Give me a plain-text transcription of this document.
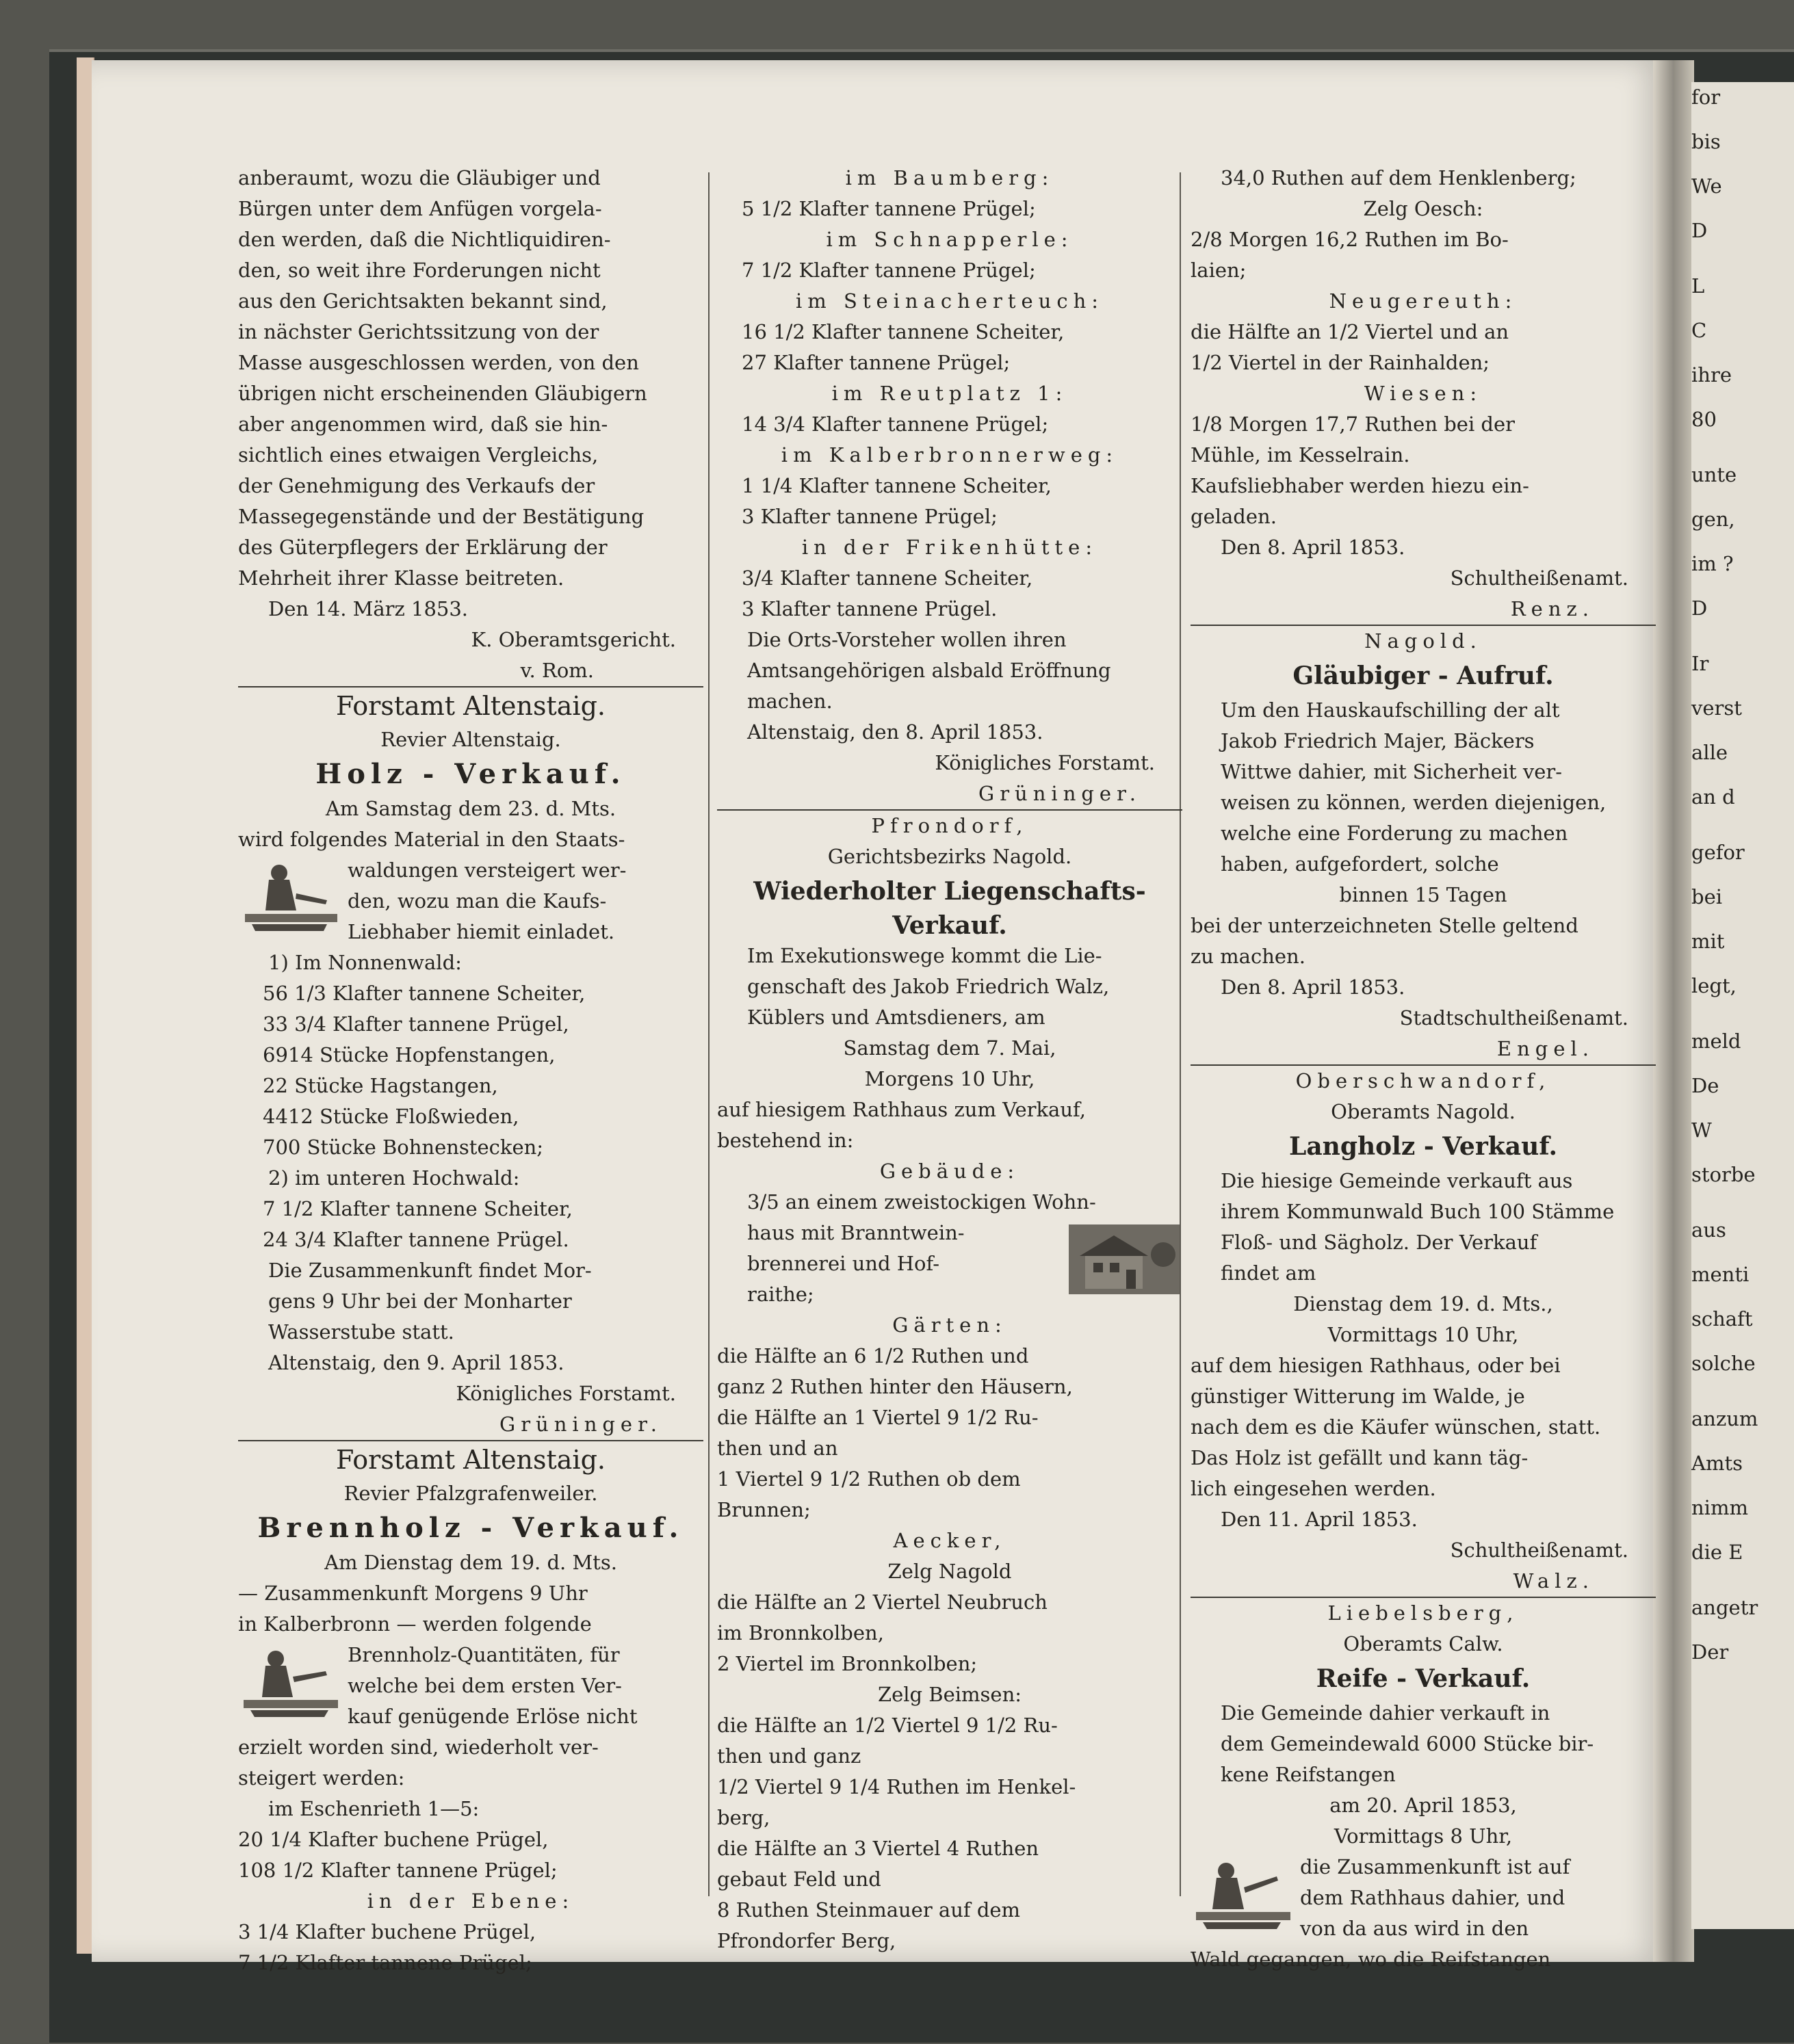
for
bis
We
D
L
C
ihre
80
unte
gen,
im ?
D
Ir
verst
alle
an d
gefor
bei
mit
legt,
meld
De
W
storbe
aus
menti
schaft
solche
anzum
Amts
nimm
die E
angetr
Der
anberaumt, wozu die Gläubiger und
Bürgen unter dem Anfügen vorgela-
den werden, daß die Nichtliquidiren-
den, so weit ihre Forderungen nicht
aus den Gerichtsakten bekannt sind,
in nächster Gerichtssitzung von der
Masse ausgeschlossen werden, von den
übrigen nicht erscheinenden Gläubigern
aber angenommen wird, daß sie hin-
sichtlich eines etwaigen Vergleichs,
der Genehmigung des Verkaufs der
Massegegenstände und der Bestätigung
des Güterpflegers der Erklärung der
Mehrheit ihrer Klasse beitreten.
Den 14. März 1853.
K. Oberamtsgericht.
v. Rom.
Forstamt Altenstaig.
Revier Altenstaig.
Holz - Verkauf.
Am Samstag dem 23. d. Mts.
wird folgendes Material in den Staats-
waldungen versteigert wer-
den, wozu man die Kaufs-
Liebhaber hiemit einladet.
1) Im Nonnenwald:
56 1/3 Klafter tannene Scheiter,
33 3/4 Klafter tannene Prügel,
6914 Stücke Hopfenstangen,
22 Stücke Hagstangen,
4412 Stücke Floßwieden,
700 Stücke Bohnenstecken;
2) im unteren Hochwald:
7 1/2 Klafter tannene Scheiter,
24 3/4 Klafter tannene Prügel.
Die Zusammenkunft findet Mor-
gens 9 Uhr bei der Monharter
Wasserstube statt.
Altenstaig, den 9. April 1853.
Königliches Forstamt.
Grüninger.
Forstamt Altenstaig.
Revier Pfalzgrafenweiler.
Brennholz - Verkauf.
Am Dienstag dem 19. d. Mts.
— Zusammenkunft Morgens 9 Uhr
in Kalberbronn — werden folgende
Brennholz-Quantitäten, für
welche bei dem ersten Ver-
kauf genügende Erlöse nicht
erzielt worden sind, wiederholt ver-
steigert werden:
im Eschenrieth 1—5:
20 1/4 Klafter buchene Prügel,
108 1/2 Klafter tannene Prügel;
in der Ebene:
3 1/4 Klafter buchene Prügel,
7 1/2 Klafter tannene Prügel;
im Baumberg:
5 1/2 Klafter tannene Prügel;
im Schnapperle:
7 1/2 Klafter tannene Prügel;
im Steinacherteuch:
16 1/2 Klafter tannene Scheiter,
27 Klafter tannene Prügel;
im Reutplatz 1:
14 3/4 Klafter tannene Prügel;
im Kalberbronnerweg:
1 1/4 Klafter tannene Scheiter,
3 Klafter tannene Prügel;
in der Frikenhütte:
3/4 Klafter tannene Scheiter,
3 Klafter tannene Prügel.
Die Orts-Vorsteher wollen ihren
Amtsangehörigen alsbald Eröffnung
machen.
Altenstaig, den 8. April 1853.
Königliches Forstamt.
Grüninger.
Pfrondorf,
Gerichtsbezirks Nagold.
Wiederholter Liegenschafts-
Verkauf.
Im Exekutionswege kommt die Lie-
genschaft des Jakob Friedrich Walz,
Küblers und Amtsdieners, am
Samstag dem 7. Mai,
Morgens 10 Uhr,
auf hiesigem Rathhaus zum Verkauf,
bestehend in:
Gebäude:
3/5 an einem zweistockigen Wohn-
haus mit Branntwein-
brennerei und Hof-
raithe;
Gärten:
die Hälfte an 6 1/2 Ruthen und
ganz 2 Ruthen hinter den Häusern,
die Hälfte an 1 Viertel 9 1/2 Ru-
then und an
1 Viertel 9 1/2 Ruthen ob dem
Brunnen;
Aecker,
Zelg Nagold
die Hälfte an 2 Viertel Neubruch
im Bronnkolben,
2 Viertel im Bronnkolben;
Zelg Beimsen:
die Hälfte an 1/2 Viertel 9 1/2 Ru-
then und ganz
1/2 Viertel 9 1/4 Ruthen im Henkel-
berg,
die Hälfte an 3 Viertel 4 Ruthen
gebaut Feld und
8 Ruthen Steinmauer auf dem
Pfrondorfer Berg,
34,0 Ruthen auf dem Henklenberg;
Zelg Oesch:
2/8 Morgen 16,2 Ruthen im Bo-
laien;
Neugereuth:
die Hälfte an 1/2 Viertel und an
1/2 Viertel in der Rainhalden;
Wiesen:
1/8 Morgen 17,7 Ruthen bei der
Mühle, im Kesselrain.
Kaufsliebhaber werden hiezu ein-
geladen.
Den 8. April 1853.
Schultheißenamt.
Renz.
Nagold.
Gläubiger - Aufruf.
Um den Hauskaufschilling der alt
Jakob Friedrich Majer, Bäckers
Wittwe dahier, mit Sicherheit ver-
weisen zu können, werden diejenigen,
welche eine Forderung zu machen
haben, aufgefordert, solche
binnen 15 Tagen
bei der unterzeichneten Stelle geltend
zu machen.
Den 8. April 1853.
Stadtschultheißenamt.
Engel.
Oberschwandorf,
Oberamts Nagold.
Langholz - Verkauf.
Die hiesige Gemeinde verkauft aus
ihrem Kommunwald Buch 100 Stämme
Floß- und Sägholz. Der Verkauf
findet am
Dienstag dem 19. d. Mts.,
Vormittags 10 Uhr,
auf dem hiesigen Rathhaus, oder bei
günstiger Witterung im Walde, je
nach dem es die Käufer wünschen, statt.
Das Holz ist gefällt und kann täg-
lich eingesehen werden.
Den 11. April 1853.
Schultheißenamt.
Walz.
Liebelsberg,
Oberamts Calw.
Reife - Verkauf.
Die Gemeinde dahier verkauft in
dem Gemeindewald 6000 Stücke bir-
kene Reifstangen
am 20. April 1853,
Vormittags 8 Uhr,
die Zusammenkunft ist auf
dem Rathhaus dahier, und
von da aus wird in den
Wald gegangen, wo die Reifstangen
